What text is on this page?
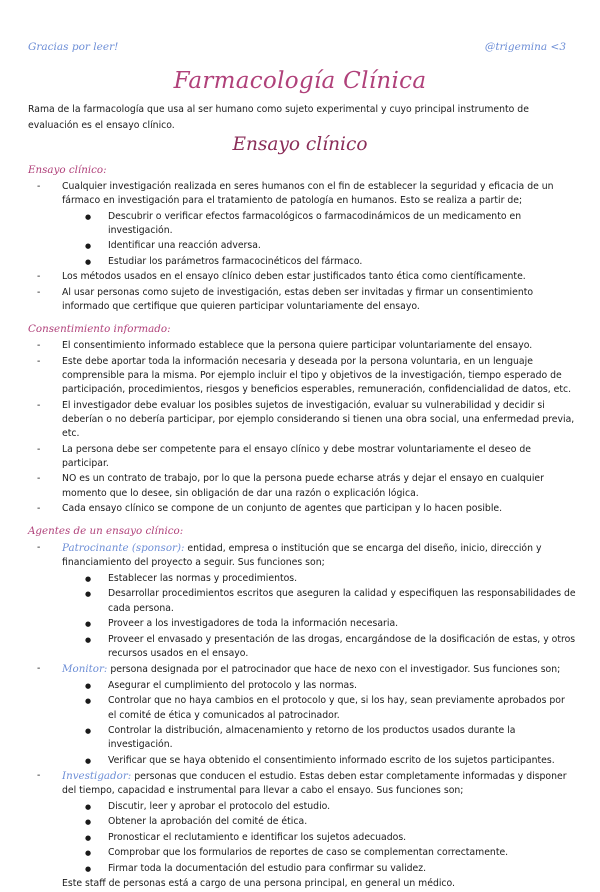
Gracias por leer!	@trigemina <3
Farmacología Clínica

Rama de la farmacología que usa al ser humano como sujeto experimental y cuyo principal instrumento de evaluación es el ensayo clínico.

Ensayo clínico
Ensayo clínico:
- Cualquier investigación realizada en seres humanos con el fin de establecer la seguridad y eficacia de un fármaco en investigación para el tratamiento de patología en humanos. Esto se realiza a partir de;
● Descubrir o verificar efectos farmacológicos o farmacodinámicos de un medicamento en investigación.
● Identificar una reacción adversa.
● Estudiar los parámetros farmacocinéticos del fármaco.
- Los métodos usados en el ensayo clínico deben estar justificados tanto ética como científicamente.
- Al usar personas como sujeto de investigación, estas deben ser invitadas y firmar un consentimiento informado que certifique que quieren participar voluntariamente del ensayo.
Consentimiento informado:
- El consentimiento informado establece que la persona quiere participar voluntariamente del ensayo.
- Este debe aportar toda la información necesaria y deseada por la persona voluntaria, en un lenguaje comprensible para la misma. Por ejemplo incluir el tipo y objetivos de la investigación, tiempo esperado de participación, procedimientos, riesgos y beneficios esperables, remuneración, confidencialidad de datos, etc.
- El investigador debe evaluar los posibles sujetos de investigación, evaluar su vulnerabilidad y decidir si deberían o no debería participar, por ejemplo considerando si tienen una obra social, una enfermedad previa, etc.
- La persona debe ser competente para el ensayo clínico y debe mostrar voluntariamente el deseo de participar.
- NO es un contrato de trabajo, por lo que la persona puede echarse atrás y dejar el ensayo en cualquier momento que lo desee, sin obligación de dar una razón o explicación lógica.
- Cada ensayo clínico se compone de un conjunto de agentes que participan y lo hacen posible.
Agentes de un ensayo clínico:
- Patrocinante (sponsor): entidad, empresa o institución que se encarga del diseño, inicio, dirección y financiamiento del proyecto a seguir. Sus funciones son;
● Establecer las normas y procedimientos.
● Desarrollar procedimientos escritos que aseguren la calidad y especifiquen las responsabilidades de cada persona.
● Proveer a los investigadores de toda la información necesaria.
● Proveer el envasado y presentación de las drogas, encargándose de la dosificación de estas, y otros recursos usados en el ensayo.
- Monitor: persona designada por el patrocinador que hace de nexo con el investigador. Sus funciones son;
● Asegurar el cumplimiento del protocolo y las normas.
● Controlar que no haya cambios en el protocolo y que, si los hay, sean previamente aprobados por el comité de ética y comunicados al patrocinador.
● Controlar la distribución, almacenamiento y retorno de los productos usados durante la investigación.
● Verificar que se haya obtenido el consentimiento informado escrito de los sujetos participantes.
- Investigador: personas que conducen el estudio. Estas deben estar completamente informadas y disponer del tiempo, capacidad e instrumental para llevar a cabo el ensayo. Sus funciones son;
● Discutir, leer y aprobar el protocolo del estudio.
● Obtener la aprobación del comité de ética.
● Pronosticar el reclutamiento e identificar los sujetos adecuados.
● Comprobar que los formularios de reportes de caso se complementan correctamente.
● Firmar toda la documentación del estudio para confirmar su validez.
Este staff de personas está a cargo de una persona principal, en general un médico.
